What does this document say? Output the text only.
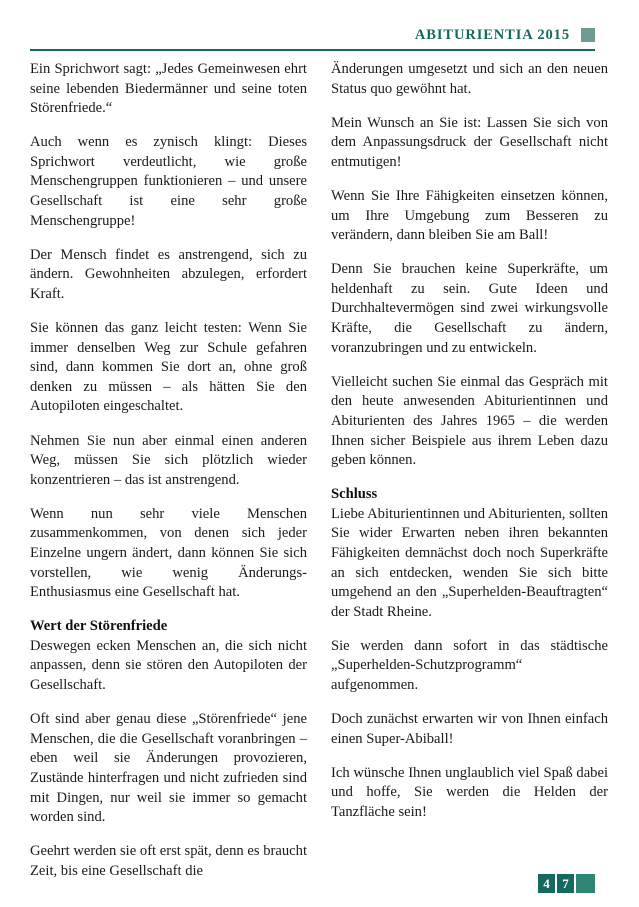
ABITURIENTIA 2015

Ein Sprichwort sagt: „Jedes Gemeinwesen ehrt seine lebenden Biedermänner und seine toten Störenfriede.“

Auch wenn es zynisch klingt: Dieses Sprichwort verdeutlicht, wie große Menschengruppen funktionieren – und unsere Gesellschaft ist eine sehr große Menschengruppe!

Der Mensch findet es anstrengend, sich zu ändern. Gewohnheiten abzulegen, erfordert Kraft.

Sie können das ganz leicht testen: Wenn Sie immer denselben Weg zur Schule gefahren sind, dann kommen Sie dort an, ohne groß denken zu müssen – als hätten Sie den Autopiloten eingeschaltet.

Nehmen Sie nun aber einmal einen anderen Weg, müssen Sie sich plötzlich wieder konzentrieren – das ist anstrengend.

Wenn nun sehr viele Menschen zusammenkommen, von denen sich jeder Einzelne ungern ändert, dann können Sie sich vorstellen, wie wenig Änderungs-Enthusiasmus eine Gesellschaft hat.

Wert der Störenfriede

Deswegen ecken Menschen an, die sich nicht anpassen, denn sie stören den Autopiloten der Gesellschaft.

Oft sind aber genau diese „Störenfriede“ jene Menschen, die die Gesellschaft voranbringen – eben weil sie Änderungen provozieren, Zustände hinterfragen und nicht zufrieden sind mit Dingen, nur weil sie immer so gemacht worden sind.

Geehrt werden sie oft erst spät, denn es braucht Zeit, bis eine Gesellschaft die

Änderungen umgesetzt und sich an den neuen Status quo gewöhnt hat.

Mein Wunsch an Sie ist: Lassen Sie sich von dem Anpassungsdruck der Gesellschaft nicht entmutigen!

Wenn Sie Ihre Fähigkeiten einsetzen können, um Ihre Umgebung zum Besseren zu verändern, dann bleiben Sie am Ball!

Denn Sie brauchen keine Superkräfte, um heldenhaft zu sein. Gute Ideen und Durchhaltevermögen sind zwei wirkungsvolle Kräfte, die Gesellschaft zu ändern, voranzubringen und zu entwickeln.

Vielleicht suchen Sie einmal das Gespräch mit den heute anwesenden Abiturientinnen und Abiturienten des Jahres 1965 – die werden Ihnen sicher Beispiele aus ihrem Leben dazu geben können.

Schluss

Liebe Abiturientinnen und Abiturienten, sollten Sie wider Erwarten neben ihren bekannten Fähigkeiten demnächst doch noch Superkräfte an sich entdecken, wenden Sie sich bitte umgehend an den „Superhelden-Beauftragten“ der Stadt Rheine.

Sie werden dann sofort in das städtische „Superhelden-Schutzprogramm“ aufgenommen.

Doch zunächst erwarten wir von Ihnen einfach einen Super-Abiball!

Ich wünsche Ihnen unglaublich viel Spaß dabei und hoffe, Sie werden die Helden der Tanzfläche sein!

4 7
